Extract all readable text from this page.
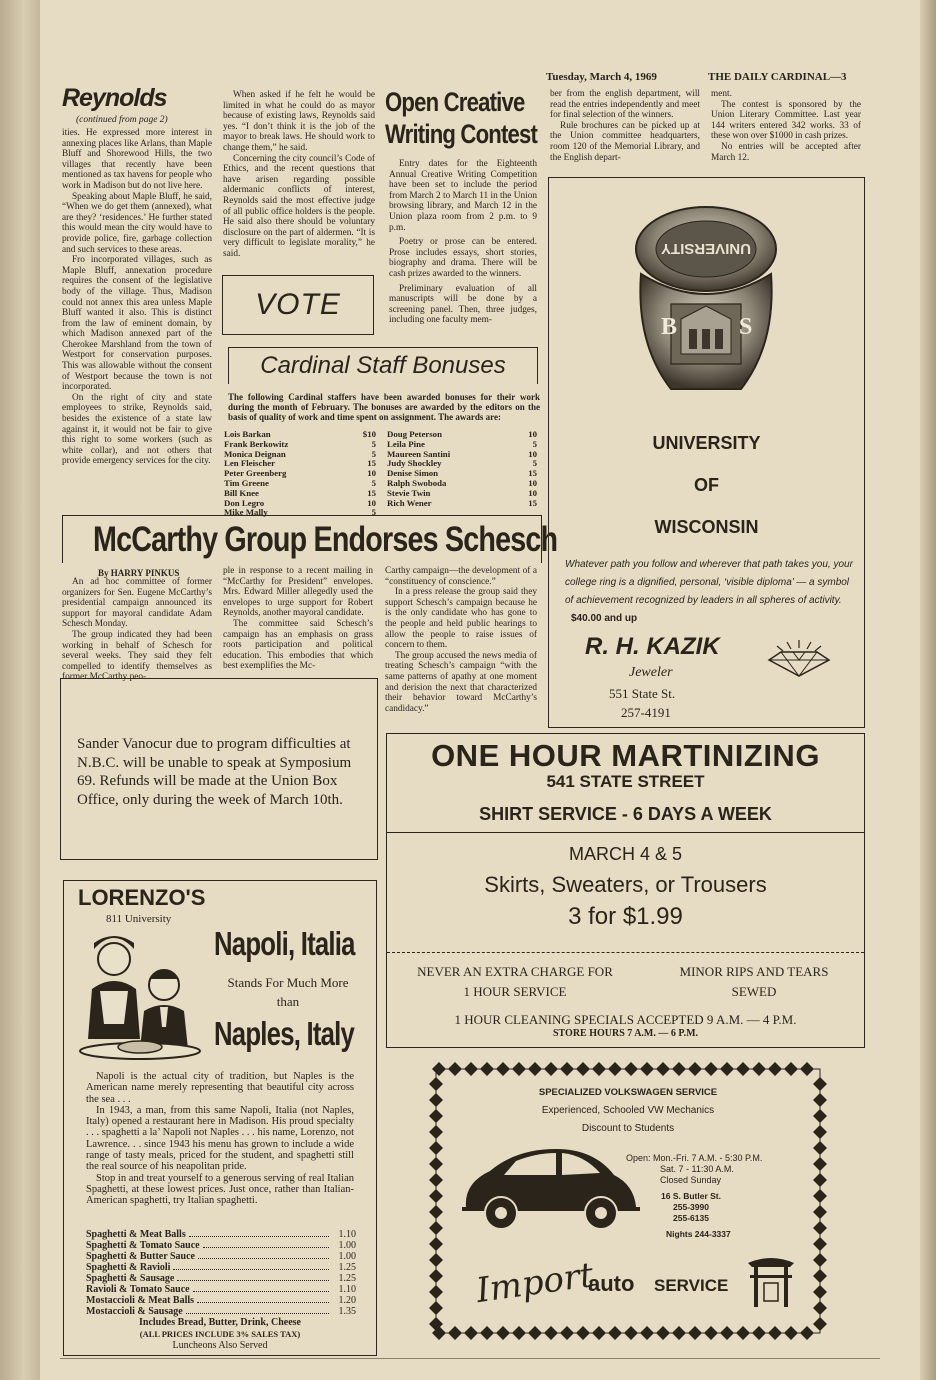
Tuesday, March 4, 1969	THE DAILY CARDINAL—3
Reynolds
(continued from page 2)

ities. He expressed more interest in annexing places like Arlans, than Maple Bluff and Shorewood Hills, the two villages that recently have been mentioned as tax havens for people who work in Madison but do not live here.

Speaking about Maple Bluff, he said, “When we do get them (annexed), what are they? ‘residences.’ He further stated this would mean the city would have to provide police, fire, garbage collection and such services to these areas.

Fro incorporated villages, such as Maple Bluff, annexation procedure requires the consent of the legislative body of the village. Thus, Madison could not annex this area unless Maple Bluff wanted it also. This is distinct from the law of eminent domain, by which Madison annexed part of the Cherokee Marshland from the town of Westport for conservation purposes. This was allowable without the consent of Westport because the town is not incorporated.

On the right of city and state employees to strike, Reynolds said, besides the existence of a state law against it, it would not be fair to give this right to some workers (such as white collar), and not others that provide emergency services for the city.

When asked if he felt he would be limited in what he could do as mayor because of existing laws, Reynolds said yes. “I don’t think it is the job of the mayor to break laws. He should work to change them,” he said.

Concerning the city council’s Code of Ethics, and the recent questions that have arisen regarding possible aldermanic conflicts of interest, Reynolds said the most effective judge of all public office holders is the people. He said also there should be voluntary disclosure on the part of aldermen. “It is very difficult to legislate morality,” he said.

VOTE
Open Creative
Writing Contest

Entry dates for the Eighteenth Annual Creative Writing Competition have been set to include the period from March 2 to March 11 in the Union browsing library, and March 12 in the Union plaza room from 2 p.m. to 9 p.m.

Poetry or prose can be entered. Prose includes essays, short stories, biography and drama. There will be cash prizes awarded to the winners.

Preliminary evaluation of all manuscripts will be done by a screening panel. Then, three judges, including one faculty mem-

ber from the english department, will read the entries independently and meet for final selection of the winners.

Rule brochures can be picked up at the Union committee headquarters, room 120 of the Memorial Library, and the English depart-

ment.

The contest is sponsored by the Union Literary Committee. Last year 144 writers entered 342 works. 33 of these won over $1000 in cash prizes.

No entries will be accepted after March 12.

Cardinal Staff Bonuses
The following Cardinal staffers have been awarded bonuses for their work during the month of February. The bonuses are awarded by the editors on the basis of quality of work and time spent on assignment. The awards are:
Lois Barkan	$10
Frank Berkowitz	5
Monica Deignan	5
Len Fleischer	15
Peter Greenberg	10
Tim Greene	5
Bill Knee	15
Don Legro	10
Mike Mally	5
Doug Peterson	10
Leila Pine	5
Maureen Santini	10
Judy Shockley	5
Denise Simon	15
Ralph Swoboda	10
Stevie Twin	10
Rich Wener	15
McCarthy Group Endorses Schesch
By HARRY PINKUS

An ad hoc committee of former organizers for Sen. Eugene McCarthy’s presidential campaign announced its support for mayoral candidate Adam Schesch Monday.

The group indicated they had been working in behalf of Schesch for several weeks. They said they felt compelled to identify themselves as former McCarthy peo-

ple in response to a recent mailing in “McCarthy for President” envelopes. Mrs. Edward Miller allegedly used the envelopes to urge support for Robert Reynolds, another mayoral candidate.

The committee said Schesch’s campaign has an emphasis on grass roots participation and political education. This embodies that which best exemplifies the Mc-

Carthy campaign—the development of a “constituency of conscience.”

In a press release the group said they support Schesch’s campaign because he is the only candidate who has gone to the people and held public hearings to allow the people to raise issues of concern to them.

The group accused the news media of treating Schesch’s campaign “with the same patterns of apathy at one moment and derision the next that characterized their behavior toward McCarthy’s candidacy.”

Sander Vanocur due to program difficulties at N.B.C. will be unable to speak at Symposium 69. Refunds will be made at the Union Box Office, only during the week of March 10th.
UNIVERSITY
B	S
UNIVERSITY
OF
WISCONSIN
Whatever path you follow and wherever that path takes you, your college ring is a dignified, personal, ‘visible diploma’ — a symbol of achievement recognized by leaders in all spheres of activity. $40.00 and up
R. H. KAZIK
Jeweler
551 State St.
257-4191
ONE HOUR MARTINIZING
541 STATE STREET
SHIRT SERVICE - 6 DAYS A WEEK
MARCH 4 & 5
Skirts, Sweaters, or Trousers
3 for $1.99
NEVER AN EXTRA CHARGE FOR
1 HOUR SERVICE
MINOR RIPS AND TEARS
SEWED
1 HOUR CLEANING SPECIALS ACCEPTED 9 A.M. — 4 P.M.
STORE HOURS 7 A.M. — 6 P.M.
LORENZO'S
811 University
Napoli, Italia
Stands For Much More
than
Naples, Italy

Napoli is the actual city of tradition, but Naples is the American name merely representing that beautiful city across the sea . . .

In 1943, a man, from this same Napoli, Italia (not Naples, Italy) opened a restaurant here in Madison. His proud specialty . . . spaghetti a la’ Napoli not Naples . . . his name, Lorenzo, not Lawrence. . . since 1943 his menu has grown to include a wide range of tasty meals, priced for the student, and spaghetti still the real source of his neapolitan pride.

Stop in and treat yourself to a generous serving of real Italian Spaghetti, at these lowest prices. Just once, rather than Italian-American spaghetti, try Italian spaghetti.

Spaghetti & Meat Balls	1.10
Spaghetti & Tomato Sauce	1.00
Spaghetti & Butter Sauce	1.00
Spaghetti & Ravioli	1.25
Spaghetti & Sausage	1.25
Ravioli & Tomato Sauce	1.10
Mostaccioli & Meat Balls	1.20
Mostaccioli & Sausage	1.35
Includes Bread, Butter, Drink, Cheese
(ALL PRICES INCLUDE 3% SALES TAX)
Luncheons Also Served
SPECIALIZED VOLKSWAGEN SERVICE
Experienced, Schooled VW Mechanics
Discount to Students
Open: Mon.-Fri. 7 A.M. - 5:30 P.M.
Sat. 7 - 11:30 A.M.
Closed Sunday
16 S. Butler St.
255-3990
255-6135
Nights 244-3337
Import
auto SERVICE
